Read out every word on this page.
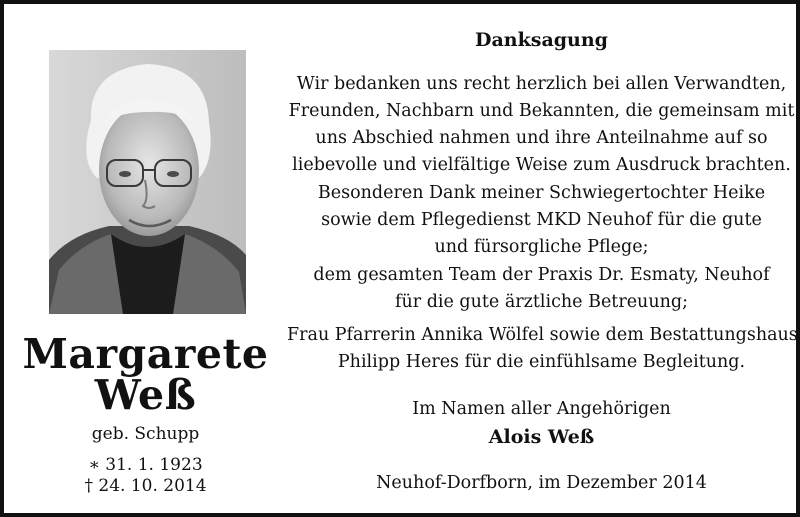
Margarete
Weß
geb. Schupp
∗ 31. 1. 1923
† 24. 10. 2014
Danksagung
Wir bedanken uns recht herzlich bei allen Verwandten,
Freunden, Nachbarn und Bekannten, die gemeinsam mit
uns Abschied nahmen und ihre Anteilnahme auf so
liebevolle und vielfältige Weise zum Ausdruck brachten.
Besonderen Dank meiner Schwiegertochter Heike
sowie dem Pflegedienst MKD Neuhof für die gute
und fürsorgliche Pflege;
dem gesamten Team der Praxis Dr. Esmaty, Neuhof
für die gute ärztliche Betreuung;
Frau Pfarrerin Annika Wölfel sowie dem Bestattungshaus
Philipp Heres für die einfühlsame Begleitung.
Im Namen aller Angehörigen
Alois Weß
Neuhof-Dorfborn, im Dezember 2014
